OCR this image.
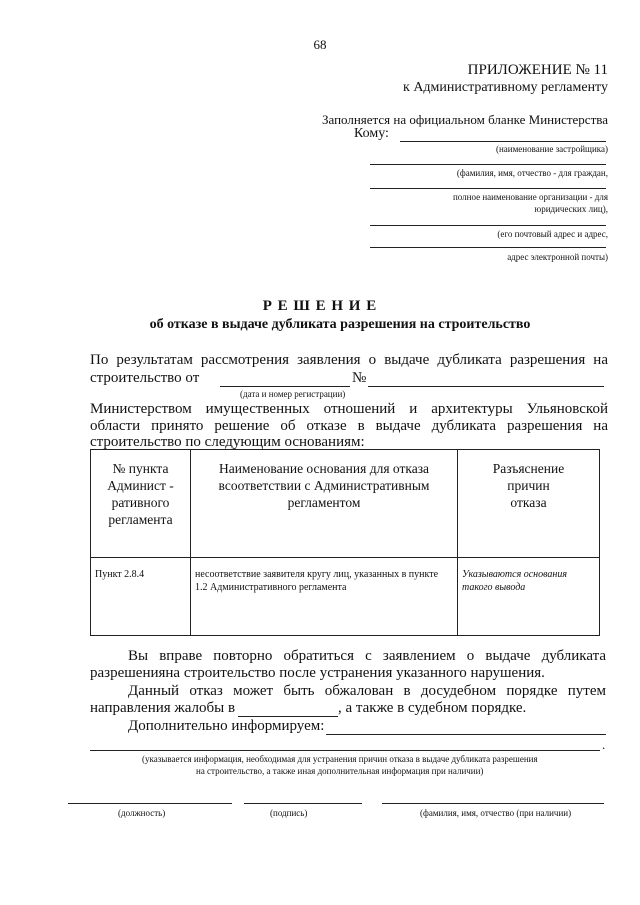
68
ПРИЛОЖЕНИЕ № 11
к Административному регламенту
Заполняется на официальном бланке Министерства
Кому:
(наименование застройщика)
(фамилия, имя, отчество - для граждан,
полное наименование организации - для
юридических лиц),
(его почтовый адрес и адрес,
адрес электронной почты)
Р Е Ш Е Н И Е
об отказе в выдаче дубликата разрешения на строительство
По результатам рассмотрения заявления о выдаче дубликата разрешения на
строительство от	№
(дата и номер регистрации)
Министерством имущественных отношений и архитектуры Ульяновской
области принято решение об отказе в выдаче дубликата разрешения на
строительство по следующим основаниям:
№ пункта Админист - ративного регламента	Наименование основания для отказа всоответствии с Административным регламентом	Разъяснение причин отказа
Пункт 2.8.4	несоответствие заявителя кругу лиц, указанных в пункте 1.2 Административного регламента	Указываются основания такого вывода
Вы вправе повторно обратиться с заявлением о выдаче дубликата
разрешенияна строительство после устранения указанного нарушения.
Данный отказ может быть обжалован в досудебном порядке путем
направления жалобы в	, а также в судебном порядке.
Дополнительно информируем:
.
(указывается информация, необходимая для устранения причин отказа в выдаче дубликата разрешения
на строительство, а также иная дополнительная информация при наличии)
(должность)	(подпись)	(фамилия, имя, отчество (при наличии)
